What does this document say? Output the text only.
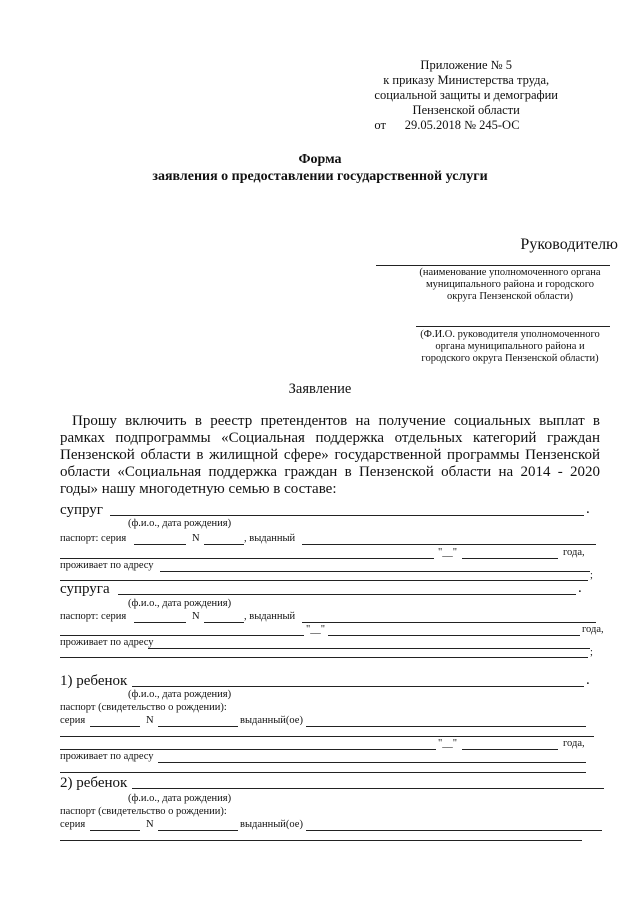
Приложение № 5
к приказу Министерства труда,
социальной защиты и демографии
Пензенской области
от 29.05.2018 № 245-ОС
Форма
заявления о предоставлении государственной услуги
Руководителю
(наименование уполномоченного органа
муниципального района и городского
округа Пензенской области)
(Ф.И.О. руководителя уполномоченного
органа муниципального района и
городского округа Пензенской области)
Заявление

Прошу включить в реестр претендентов на получение социальных выплат в рамках подпрограммы «Социальная поддержка отдельных категорий граждан Пензенской области в жилищной сфере» государственной программы Пензенской области «Социальная поддержка граждан в Пензенской области на 2014 - 2020 годы» нашу многодетную семью в составе:

супруг	.
(ф.и.о., дата рождения)
паспорт: серия	N	, выданный
"__"	года,
проживает по адресу
;
супруга	.
(ф.и.о., дата рождения)
паспорт: серия	N	, выданный
"__"	года,
проживает по адресу
;
1) ребенок	.
(ф.и.о., дата рождения)
паспорт (свидетельство о рождении):
серия	N	выданный(ое)
"__"	года,
проживает по адресу
2) ребенок
(ф.и.о., дата рождения)
паспорт (свидетельство о рождении):
серия	N	выданный(ое)
